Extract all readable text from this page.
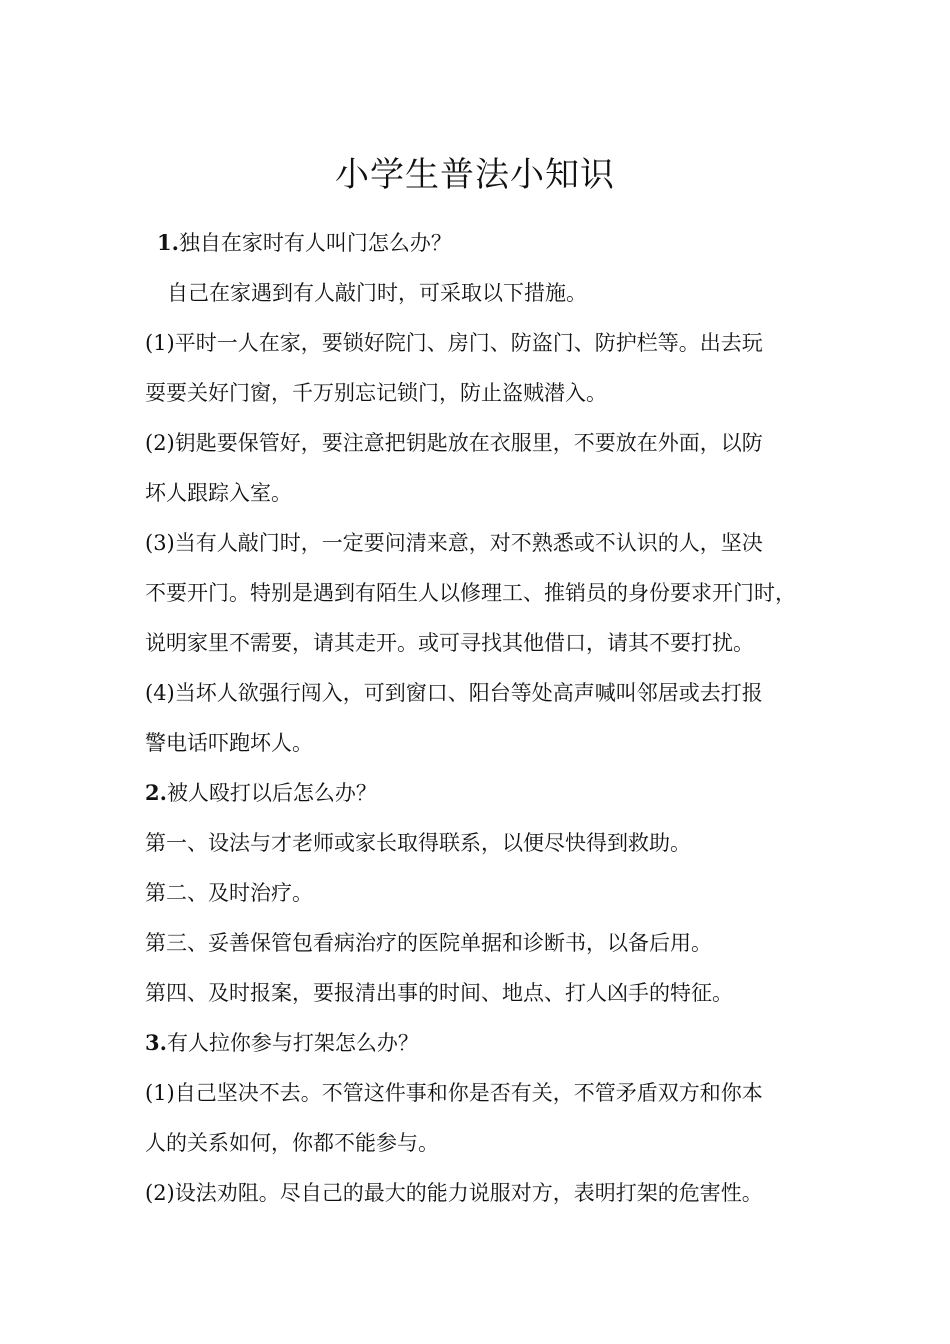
小学生普法小知识
1.独自在家时有人叫门怎么办？
自己在家遇到有人敲门时，可采取以下措施。
(1)平时一人在家，要锁好院门、房门、防盗门、防护栏等。出去玩
耍要关好门窗，千万别忘记锁门，防止盗贼潜入。
(2)钥匙要保管好，要注意把钥匙放在衣服里，不要放在外面，以防
坏人跟踪入室。
(3)当有人敲门时，一定要问清来意，对不熟悉或不认识的人，坚决
不要开门。特别是遇到有陌生人以修理工、推销员的身份要求开门时，
说明家里不需要，请其走开。或可寻找其他借口，请其不要打扰。
(4)当坏人欲强行闯入，可到窗口、阳台等处高声喊叫邻居或去打报
警电话吓跑坏人。
2.被人殴打以后怎么办？
第一、设法与才老师或家长取得联系，以便尽快得到救助。
第二、及时治疗。
第三、妥善保管包看病治疗的医院单据和诊断书，以备后用。
第四、及时报案，要报清出事的时间、地点、打人凶手的特征。
3.有人拉你参与打架怎么办？
(1)自己坚决不去。不管这件事和你是否有关，不管矛盾双方和你本
人的关系如何，你都不能参与。
(2)设法劝阻。尽自己的最大的能力说服对方，表明打架的危害性。
